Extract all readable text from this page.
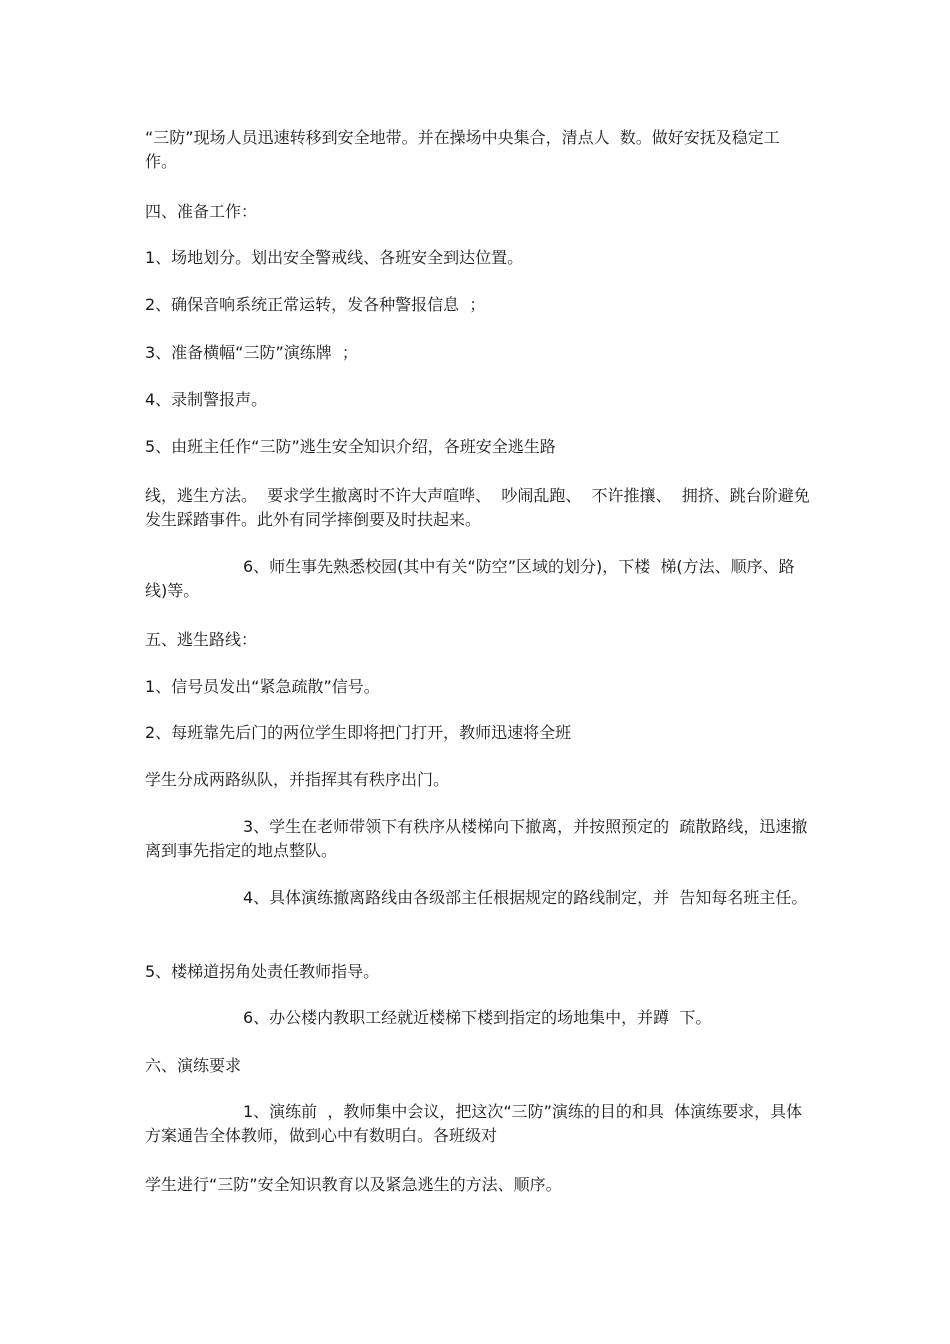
“三防”现场人员迅速转移到安全地带。并在操场中央集合，清点人  数。做好安抚及稳定工作。

四、准备工作：

1、场地划分。划出安全警戒线、各班安全到达位置。

2、确保音响系统正常运转，发各种警报信息  ；

3、准备横幅“三防”演练牌  ；

4、录制警报声。

5、由班主任作“三防”逃生安全知识介绍，各班安全逃生路

线，逃生方法。  要求学生撤离时不许大声喧哗、  吵闹乱跑、  不许推攘、  拥挤、跳台阶避免发生踩踏事件。此外有同学摔倒要及时扶起来。

6、师生事先熟悉校园(其中有关“防空”区域的划分)，下楼  梯(方法、顺序、路线)等。

五、逃生路线：

1、信号员发出“紧急疏散”信号。

2、每班靠先后门的两位学生即将把门打开，教师迅速将全班

学生分成两路纵队，并指挥其有秩序出门。

3、学生在老师带领下有秩序从楼梯向下撤离，并按照预定的  疏散路线，迅速撤离到事先指定的地点整队。

4、具体演练撤离路线由各级部主任根据规定的路线制定，并  告知每名班主任。

5、楼梯道拐角处责任教师指导。

6、办公楼内教职工经就近楼梯下楼到指定的场地集中，并蹲  下。

六、演练要求

1、演练前  ，教师集中会议，把这次“三防”演练的目的和具  体演练要求，具体方案通告全体教师，做到心中有数明白。各班级对

学生进行“三防”安全知识教育以及紧急逃生的方法、顺序。
